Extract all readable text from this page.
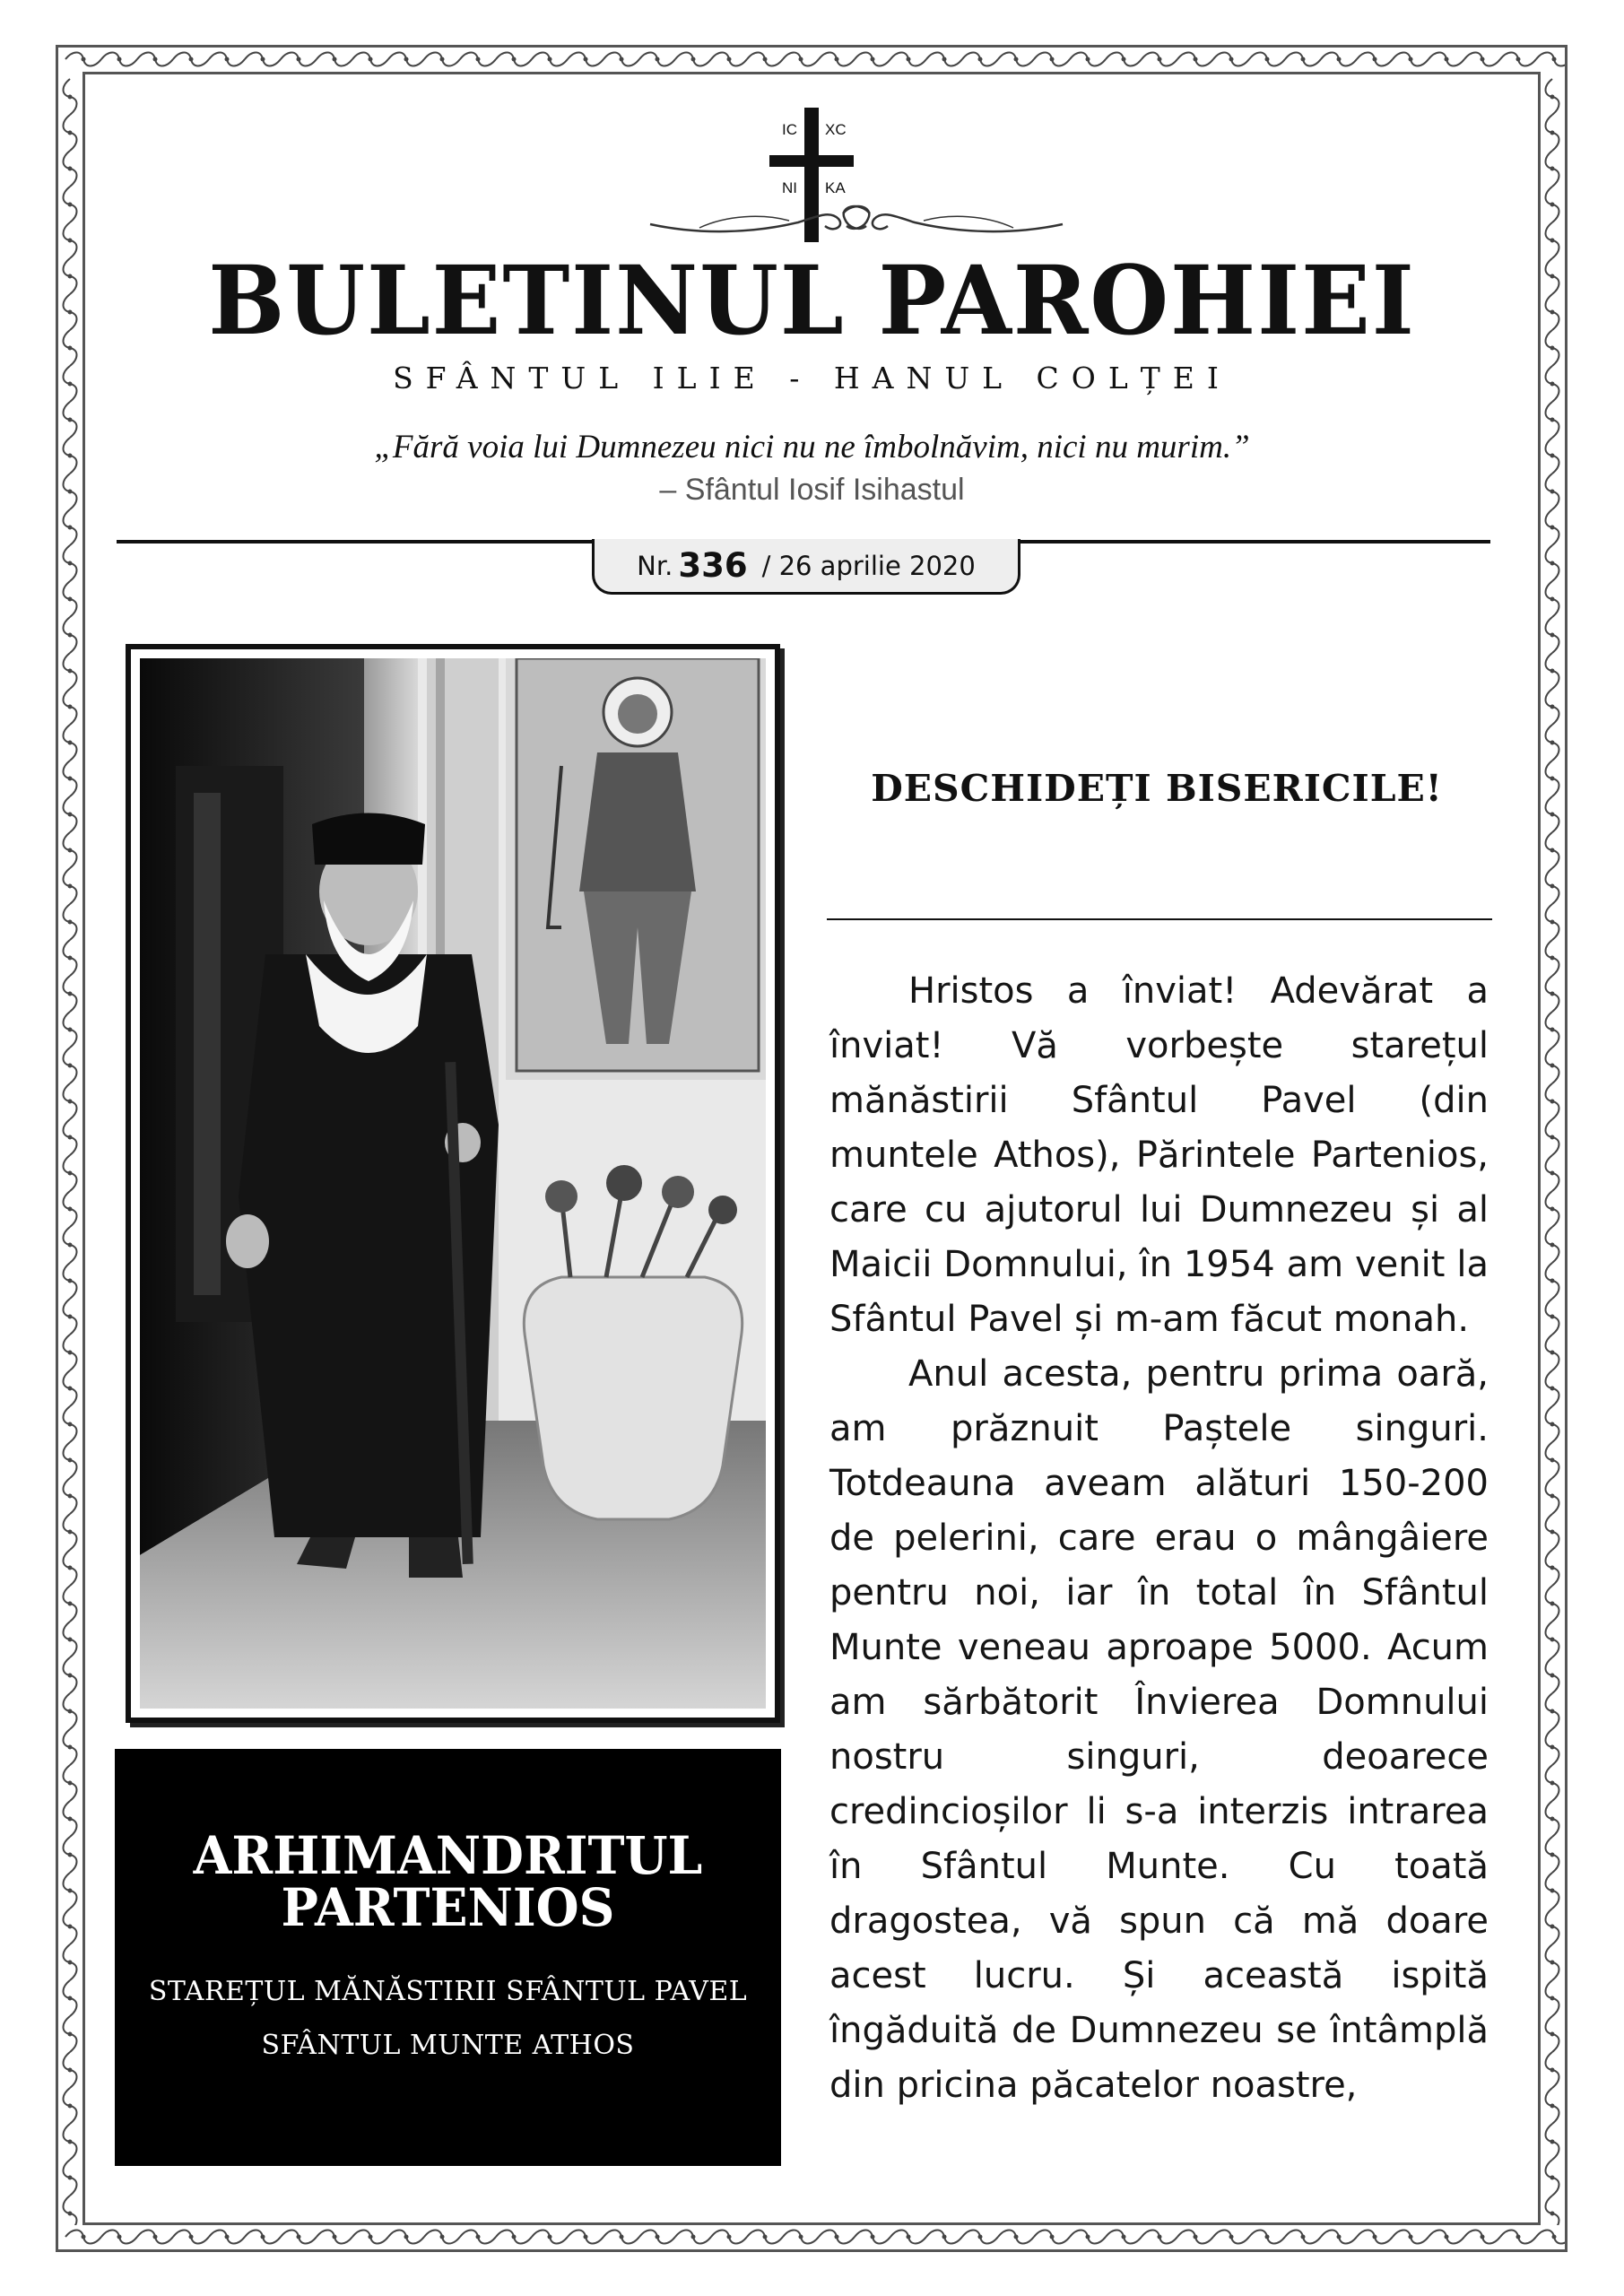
IC XC
NI KA
BULETINUL PAROHIEI
SFÂNTUL ILIE - HANUL COLȚEI
„Fără voia lui Dumnezeu nici nu ne îmbolnăvim, nici nu murim.”
– Sfântul Iosif Isihastul
Nr. 336 / 26 aprilie 2020
ARHIMANDRITUL
PARTENIOS
STAREȚUL MĂNĂSTIRII SFÂNTUL PAVEL
SFÂNTUL MUNTE ATHOS
DESCHIDEȚI BISERICILE!

Hristos a înviat! Adevărat a înviat! Vă vorbește starețul mănăstirii Sfântul Pavel (din muntele Athos), Părintele Partenios, care cu ajutorul lui Dumnezeu și al Maicii Domnului, în 1954 am venit la Sfântul Pavel și m-am făcut monah.

Anul acesta, pentru prima oară, am prăznuit Paștele singuri. Totdeauna aveam alături 150-200 de pelerini, care erau o mângâiere pentru noi, iar în total în Sfântul Munte veneau aproape 5000. Acum am sărbătorit Învierea Domnului nostru singuri, deoarece credincioșilor li s-a interzis intrarea în Sfântul Munte. Cu toată dragostea, vă spun că mă doare acest lucru. Și această ispită îngăduită de Dumnezeu se întâmplă din pricina păcatelor noastre,
